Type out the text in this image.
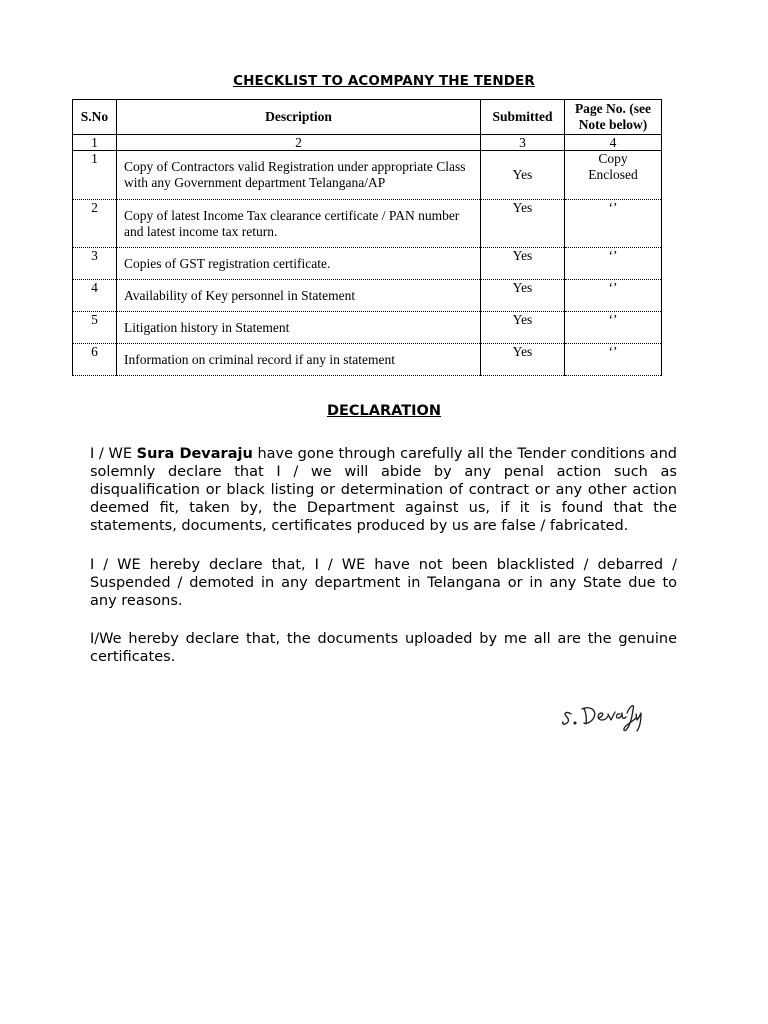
CHECKLIST TO ACOMPANY THE TENDER
S.No	Description	Submitted	Page No. (see Note below)
1	2	3	4
1	Copy of Contractors valid Registration under appropriate Class with any Government department Telangana/AP	Yes	Copy Enclosed

2	Copy of latest Income Tax clearance certificate / PAN number and latest income tax return.	Yes	‘’
3	Copies of GST registration certificate.	Yes	‘’
4	Availability of Key personnel in Statement	Yes	‘’
5	Litigation history in Statement	Yes	‘’
6	Information on criminal record if any in statement	Yes	‘’
DECLARATION

I / WE Sura Devaraju have gone through carefully all the Tender conditions and solemnly declare that I / we will abide by any penal action such as disqualification or black listing or determination of contract or any other action deemed fit, taken by, the Department against us, if it is found that the statements, documents, certificates produced by us are false / fabricated.

I / WE hereby declare that, I / WE have not been blacklisted / debarred / Suspended / demoted in any department in Telangana or in any State due to any reasons.

I/We hereby declare that, the documents uploaded by me all are the genuine certificates.
